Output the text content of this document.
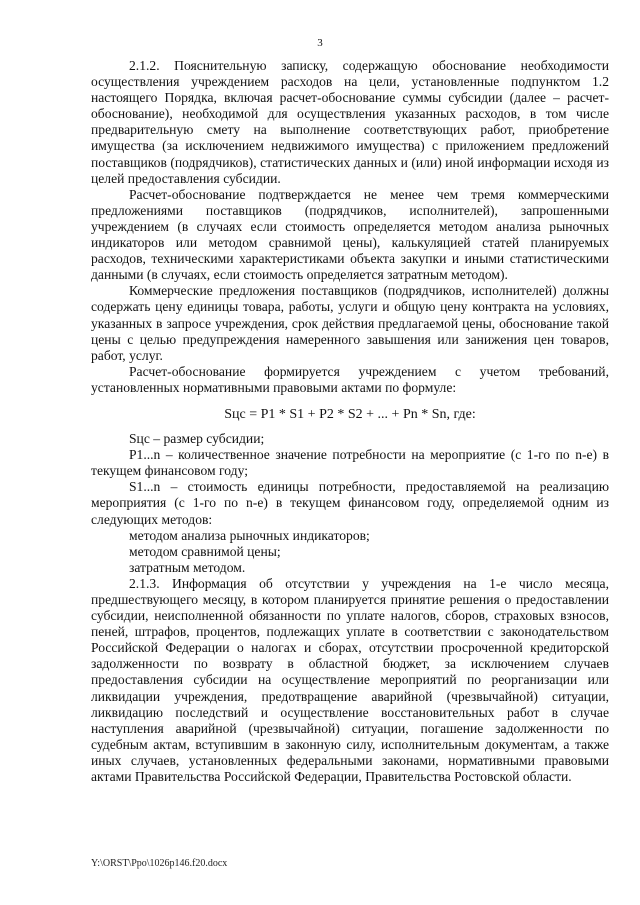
3

2.1.2. Пояснительную записку, содержащую обоснование необходимости осуществления учреждением расходов на цели, установленные подпунктом 1.2 настоящего Порядка, включая расчет-обоснование суммы субсидии (далее – расчет-обоснование), необходимой для осуществления указанных расходов, в том числе предварительную смету на выполнение соответствующих работ, приобретение имущества (за исключением недвижимого имущества) с приложением предложений поставщиков (подрядчиков), статистических данных и (или) иной информации исходя из целей предоставления субсидии.

Расчет-обоснование подтверждается не менее чем тремя коммерческими предложениями поставщиков (подрядчиков, исполнителей), запрошенными учреждением (в случаях если стоимость определяется методом анализа рыночных индикаторов или методом сравнимой цены), калькуляцией статей планируемых расходов, техническими характеристиками объекта закупки и иными статистическими данными (в случаях, если стоимость определяется затратным методом).

Коммерческие предложения поставщиков (подрядчиков, исполнителей) должны содержать цену единицы товара, работы, услуги и общую цену контракта на условиях, указанных в запросе учреждения, срок действия предлагаемой цены, обоснование такой цены с целью предупреждения намеренного завышения или занижения цен товаров, работ, услуг.

Расчет-обоснование формируется учреждением с учетом требований, установленных нормативными правовыми актами по формуле:

Sцс = P1 * S1 + P2 * S2 + ... + Pn * Sn, где:

Sцс – размер субсидии;

P1...n – количественное значение потребности на мероприятие (с 1-го по n-е) в текущем финансовом году;

S1...n – стоимость единицы потребности, предоставляемой на реализацию мероприятия (с 1-го по n-е) в текущем финансовом году, определяемой одним из следующих методов:

методом анализа рыночных индикаторов;

методом сравнимой цены;

затратным методом.

2.1.3. Информация об отсутствии у учреждения на 1-е число месяца, предшествующего месяцу, в котором планируется принятие решения о предоставлении субсидии, неисполненной обязанности по уплате налогов, сборов, страховых взносов, пеней, штрафов, процентов, подлежащих уплате в соответствии с законодательством Российской Федерации о налогах и сборах, отсутствии просроченной кредиторской задолженности по возврату в областной бюджет, за исключением случаев предоставления субсидии на осуществление мероприятий по реорганизации или ликвидации учреждения, предотвращение аварийной (чрезвычайной) ситуации, ликвидацию последствий и осуществление восстановительных работ в случае наступления аварийной (чрезвычайной) ситуации, погашение задолженности по судебным актам, вступившим в законную силу, исполнительным документам, а также иных случаев, установленных федеральными законами, нормативными правовыми актами Правительства Российской Федерации, Правительства Ростовской области.

Y:\ORST\Ppo\1026p146.f20.docx
